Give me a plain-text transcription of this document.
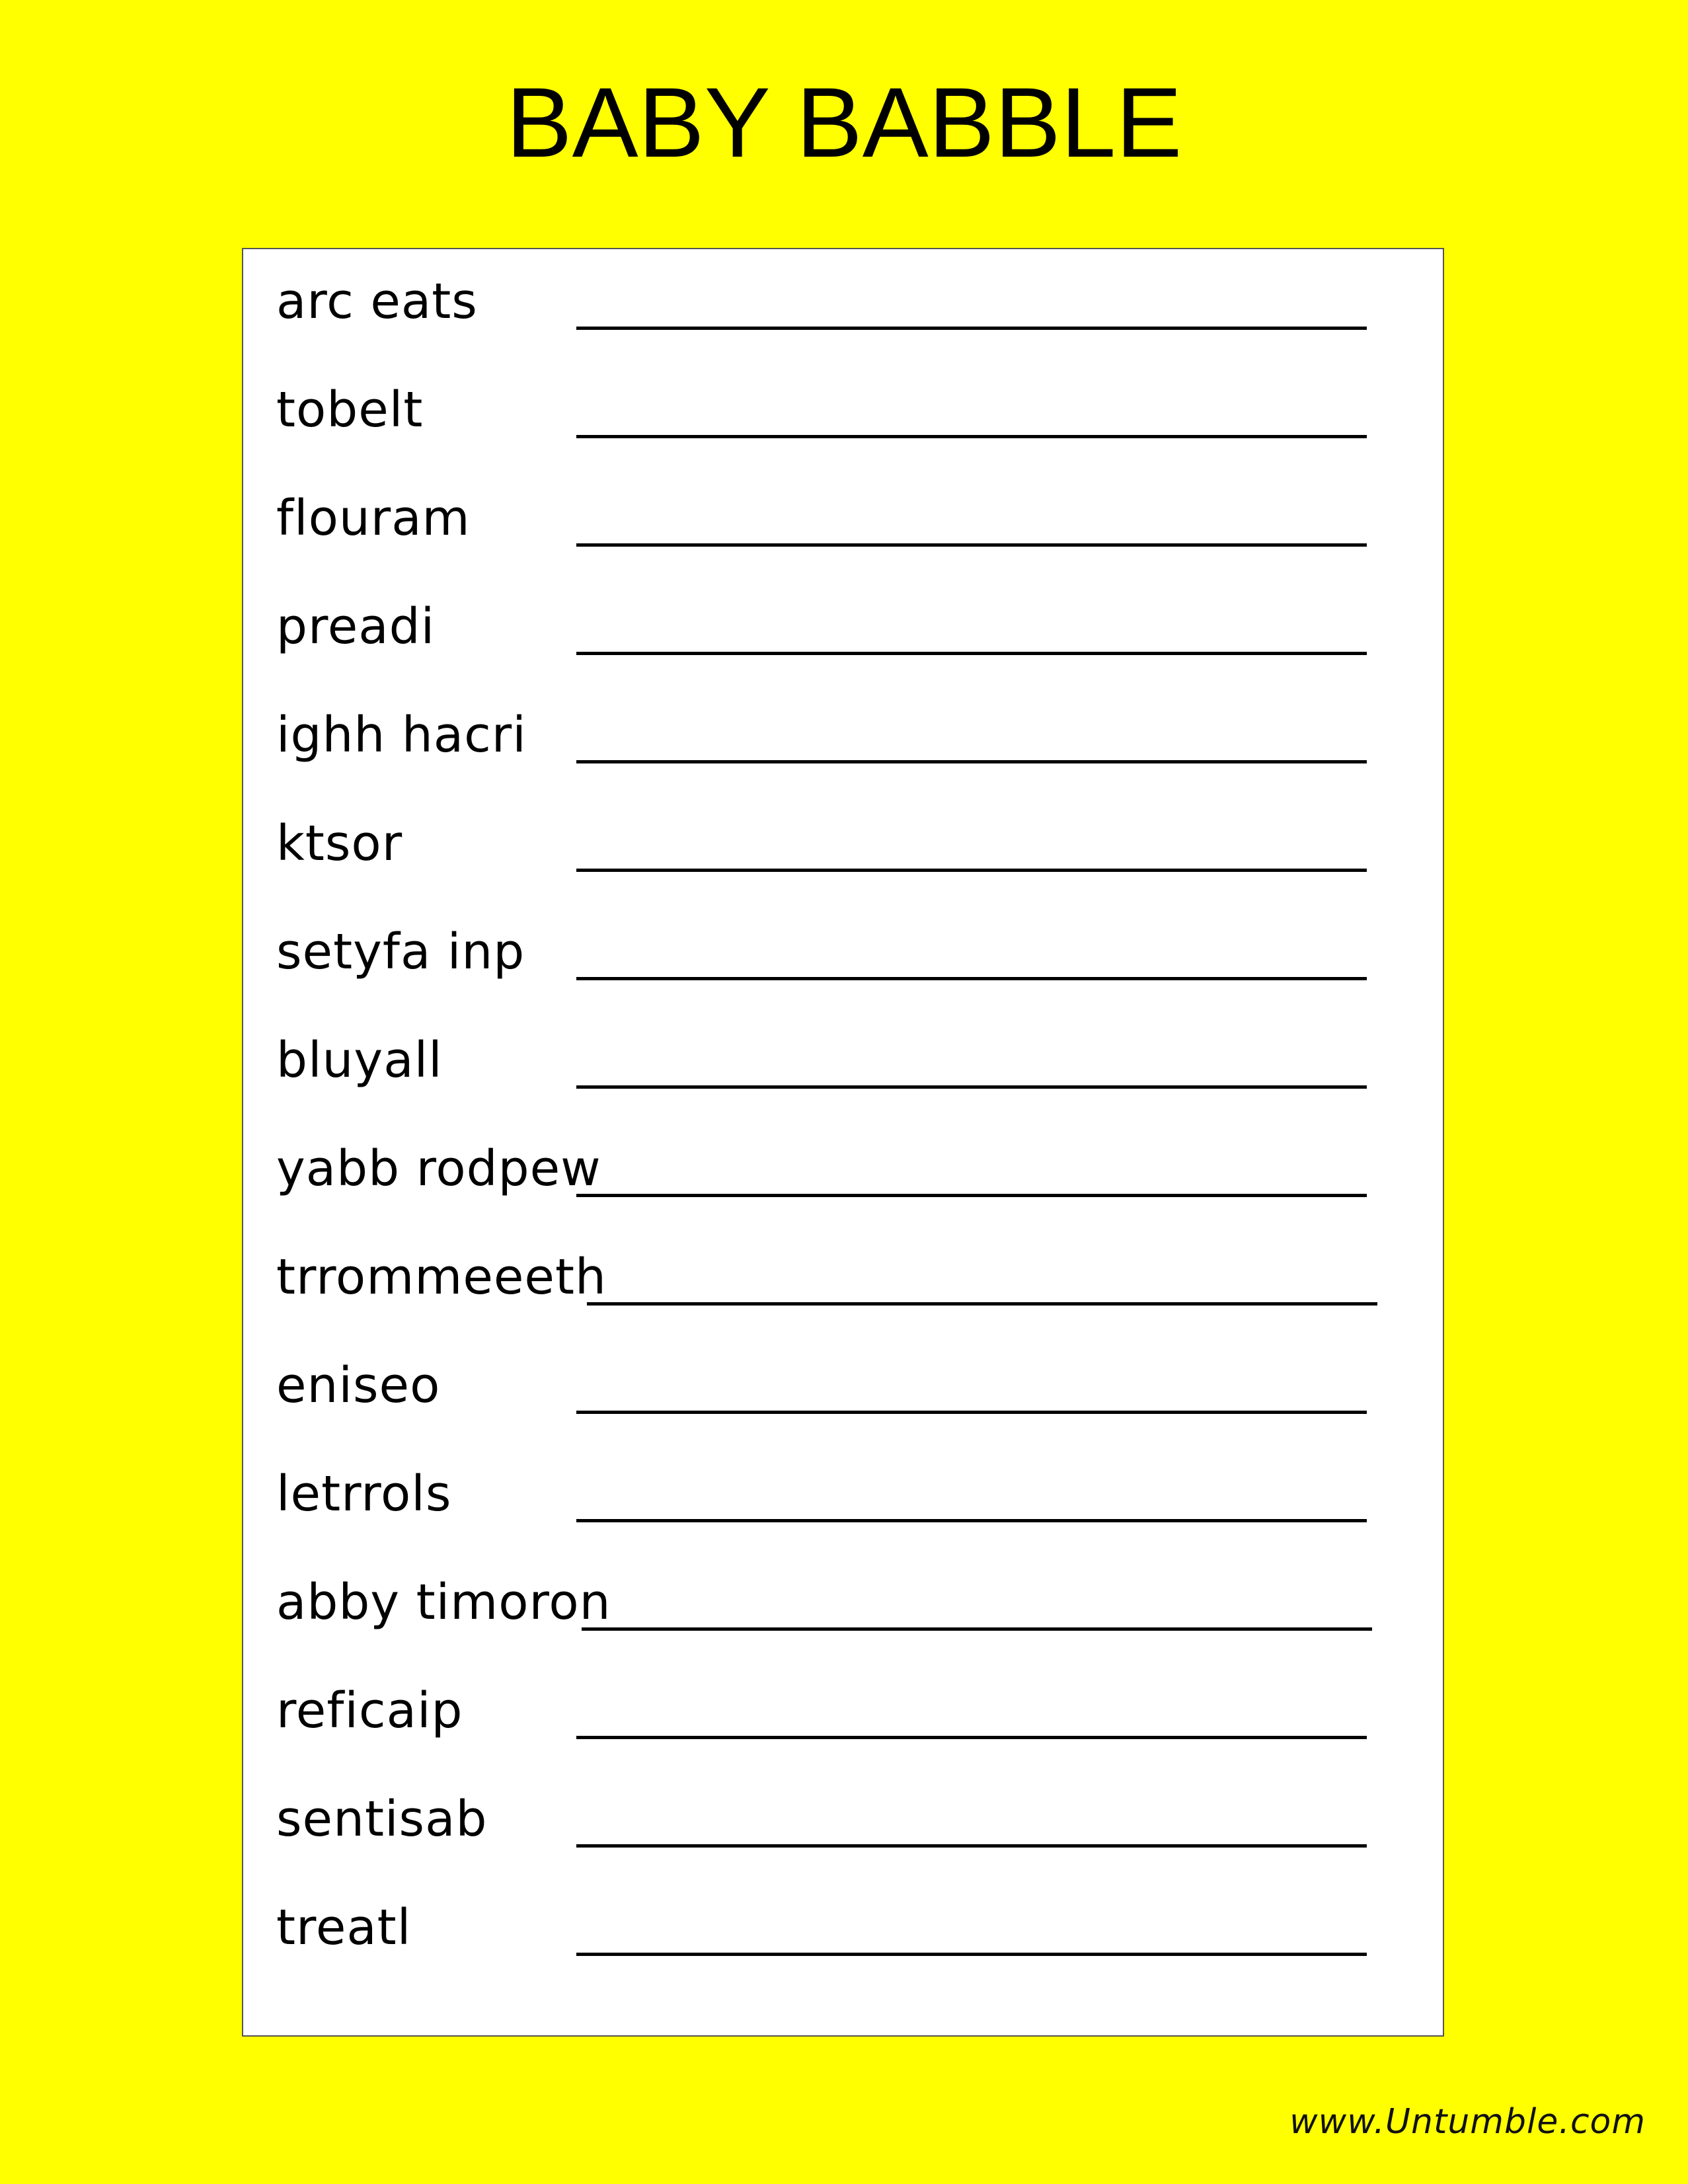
BABY BABBLE
arc eats
tobelt
flouram
preadi
ighh hacri
ktsor
setyfa inp
bluyall
yabb rodpew
trrommeeeth
eniseo
letrrols
abby timoron
reficaip
sentisab
treatl
www.Untumble.com
